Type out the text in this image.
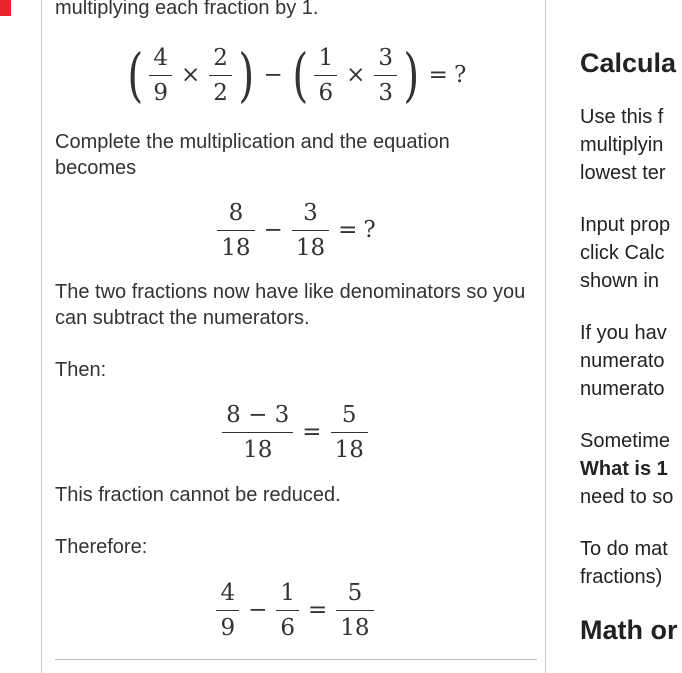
multiplying each fraction by 1.

( $\frac{4}{9} \times \frac{2}{2}$ ) − ( $\frac{1}{6} \times \frac{3}{3}$ ) = ?

Complete the multiplication and the equation becomes

$\frac{8}{18} - \frac{3}{18}$ = ?

The two fractions now have like denominators so you can subtract the numerators.

Then:

$\frac{8 - 3}{18} = \frac{5}{18}$

This fraction cannot be reduced.

Therefore:

$\frac{4}{9} - \frac{1}{6} = \frac{5}{18}$
Calcula

Use this f
multiplyin
lowest ter

Input prop
click Calc
shown in

If you hav
numerato
numerato

Sometime
What is 1
need to so

To do mat
fractions)

Math or
